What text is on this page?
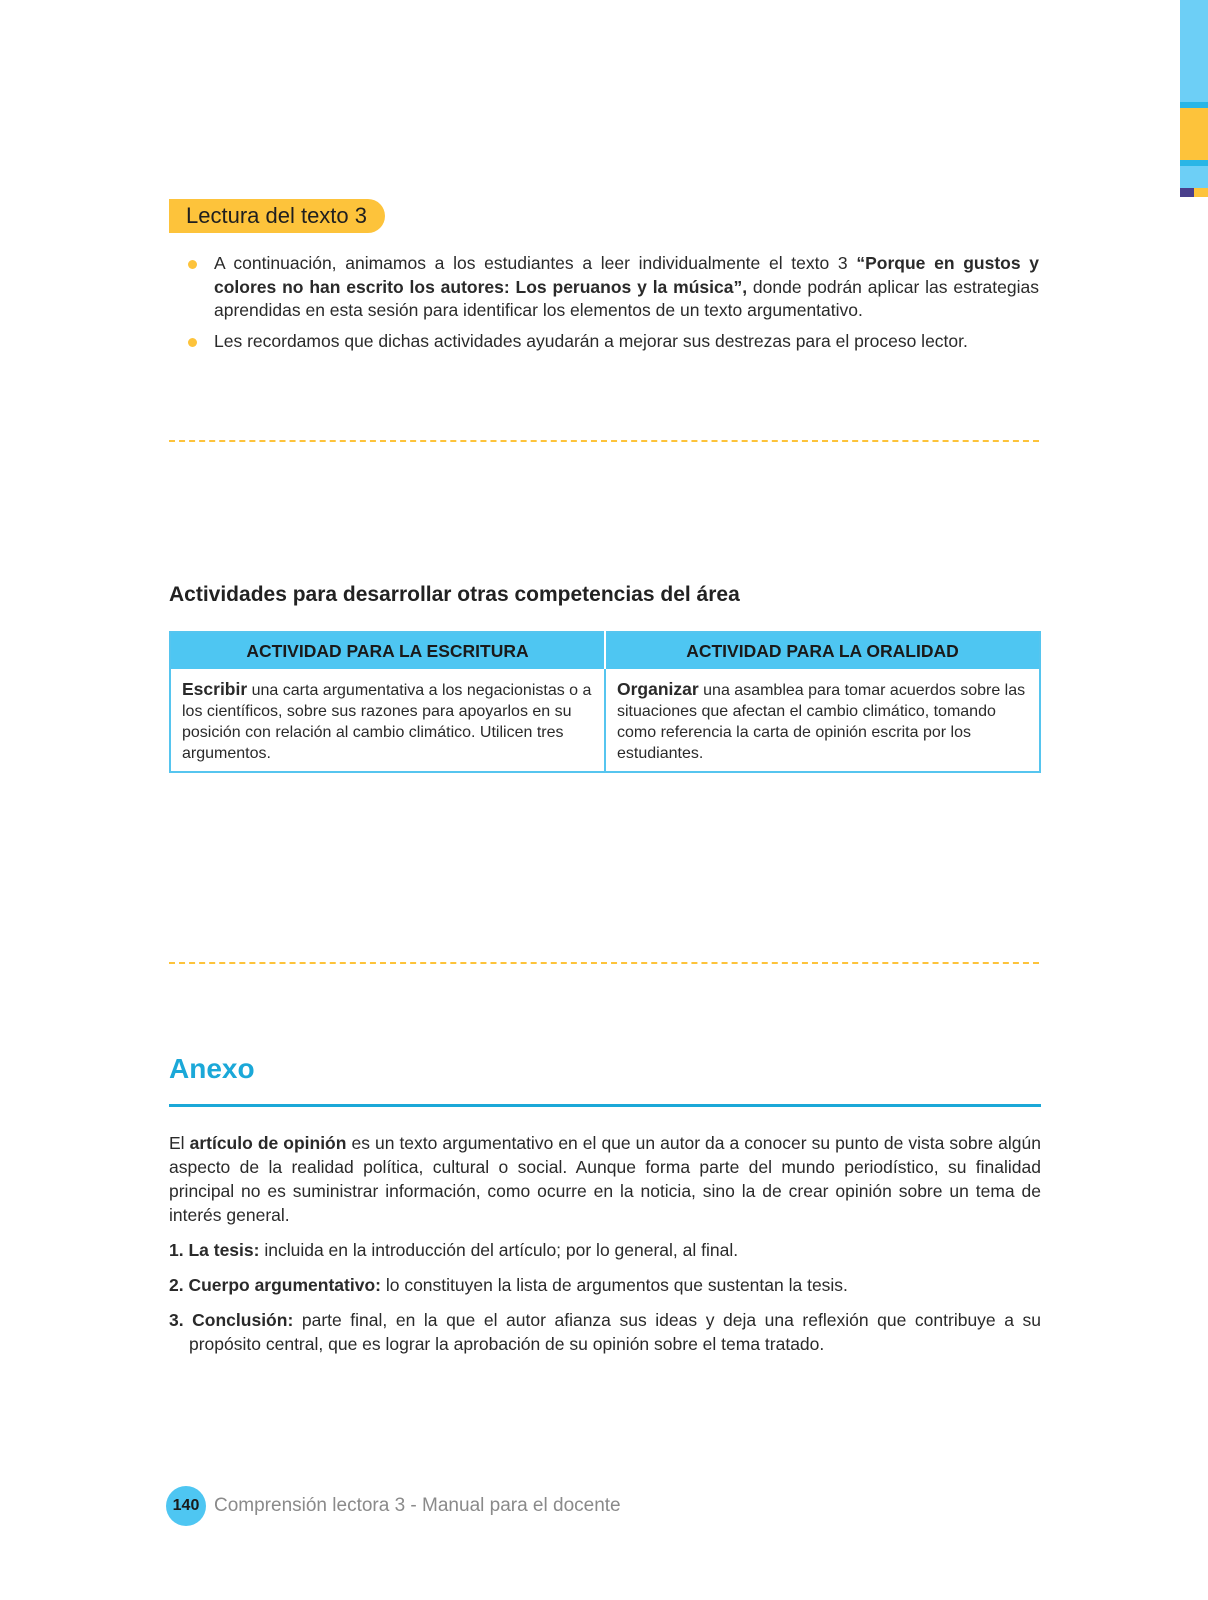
Lectura del texto 3
A continuación, animamos a los estudiantes a leer individualmente el texto 3 “Porque en gustos y colores no han escrito los autores: Los peruanos y la música”, donde podrán aplicar las estrategias aprendidas en esta sesión para identificar los elementos de un texto argumentativo.
Les recordamos que dichas actividades ayudarán a mejorar sus destrezas para el proceso lector.
Actividades para desarrollar otras competencias del área
ACTIVIDAD PARA LA ESCRITURA	ACTIVIDAD PARA LA ORALIDAD
Escribir una carta argumentativa a los negacionistas o a los científicos, sobre sus razones para apoyarlos en su posición con relación al cambio climático. Utilicen tres argumentos.	Organizar una asamblea para tomar acuerdos sobre las situaciones que afectan el cambio climático, tomando como referencia la carta de opinión escrita por los estudiantes.
Anexo

El artículo de opinión es un texto argumentativo en el que un autor da a conocer su punto de vista sobre algún aspecto de la realidad política, cultural o social. Aunque forma parte del mundo periodístico, su finalidad principal no es suministrar información, como ocurre en la noticia, sino la de crear opinión sobre un tema de interés general.

1. La tesis: incluida en la introducción del artículo; por lo general, al final.
2. Cuerpo argumentativo: lo constituyen la lista de argumentos que sustentan la tesis.
3. Conclusión: parte final, en la que el autor afianza sus ideas y deja una reflexión que contribuye a su propósito central, que es lograr la aprobación de su opinión sobre el tema tratado.
140 Comprensión lectora 3 - Manual para el docente
